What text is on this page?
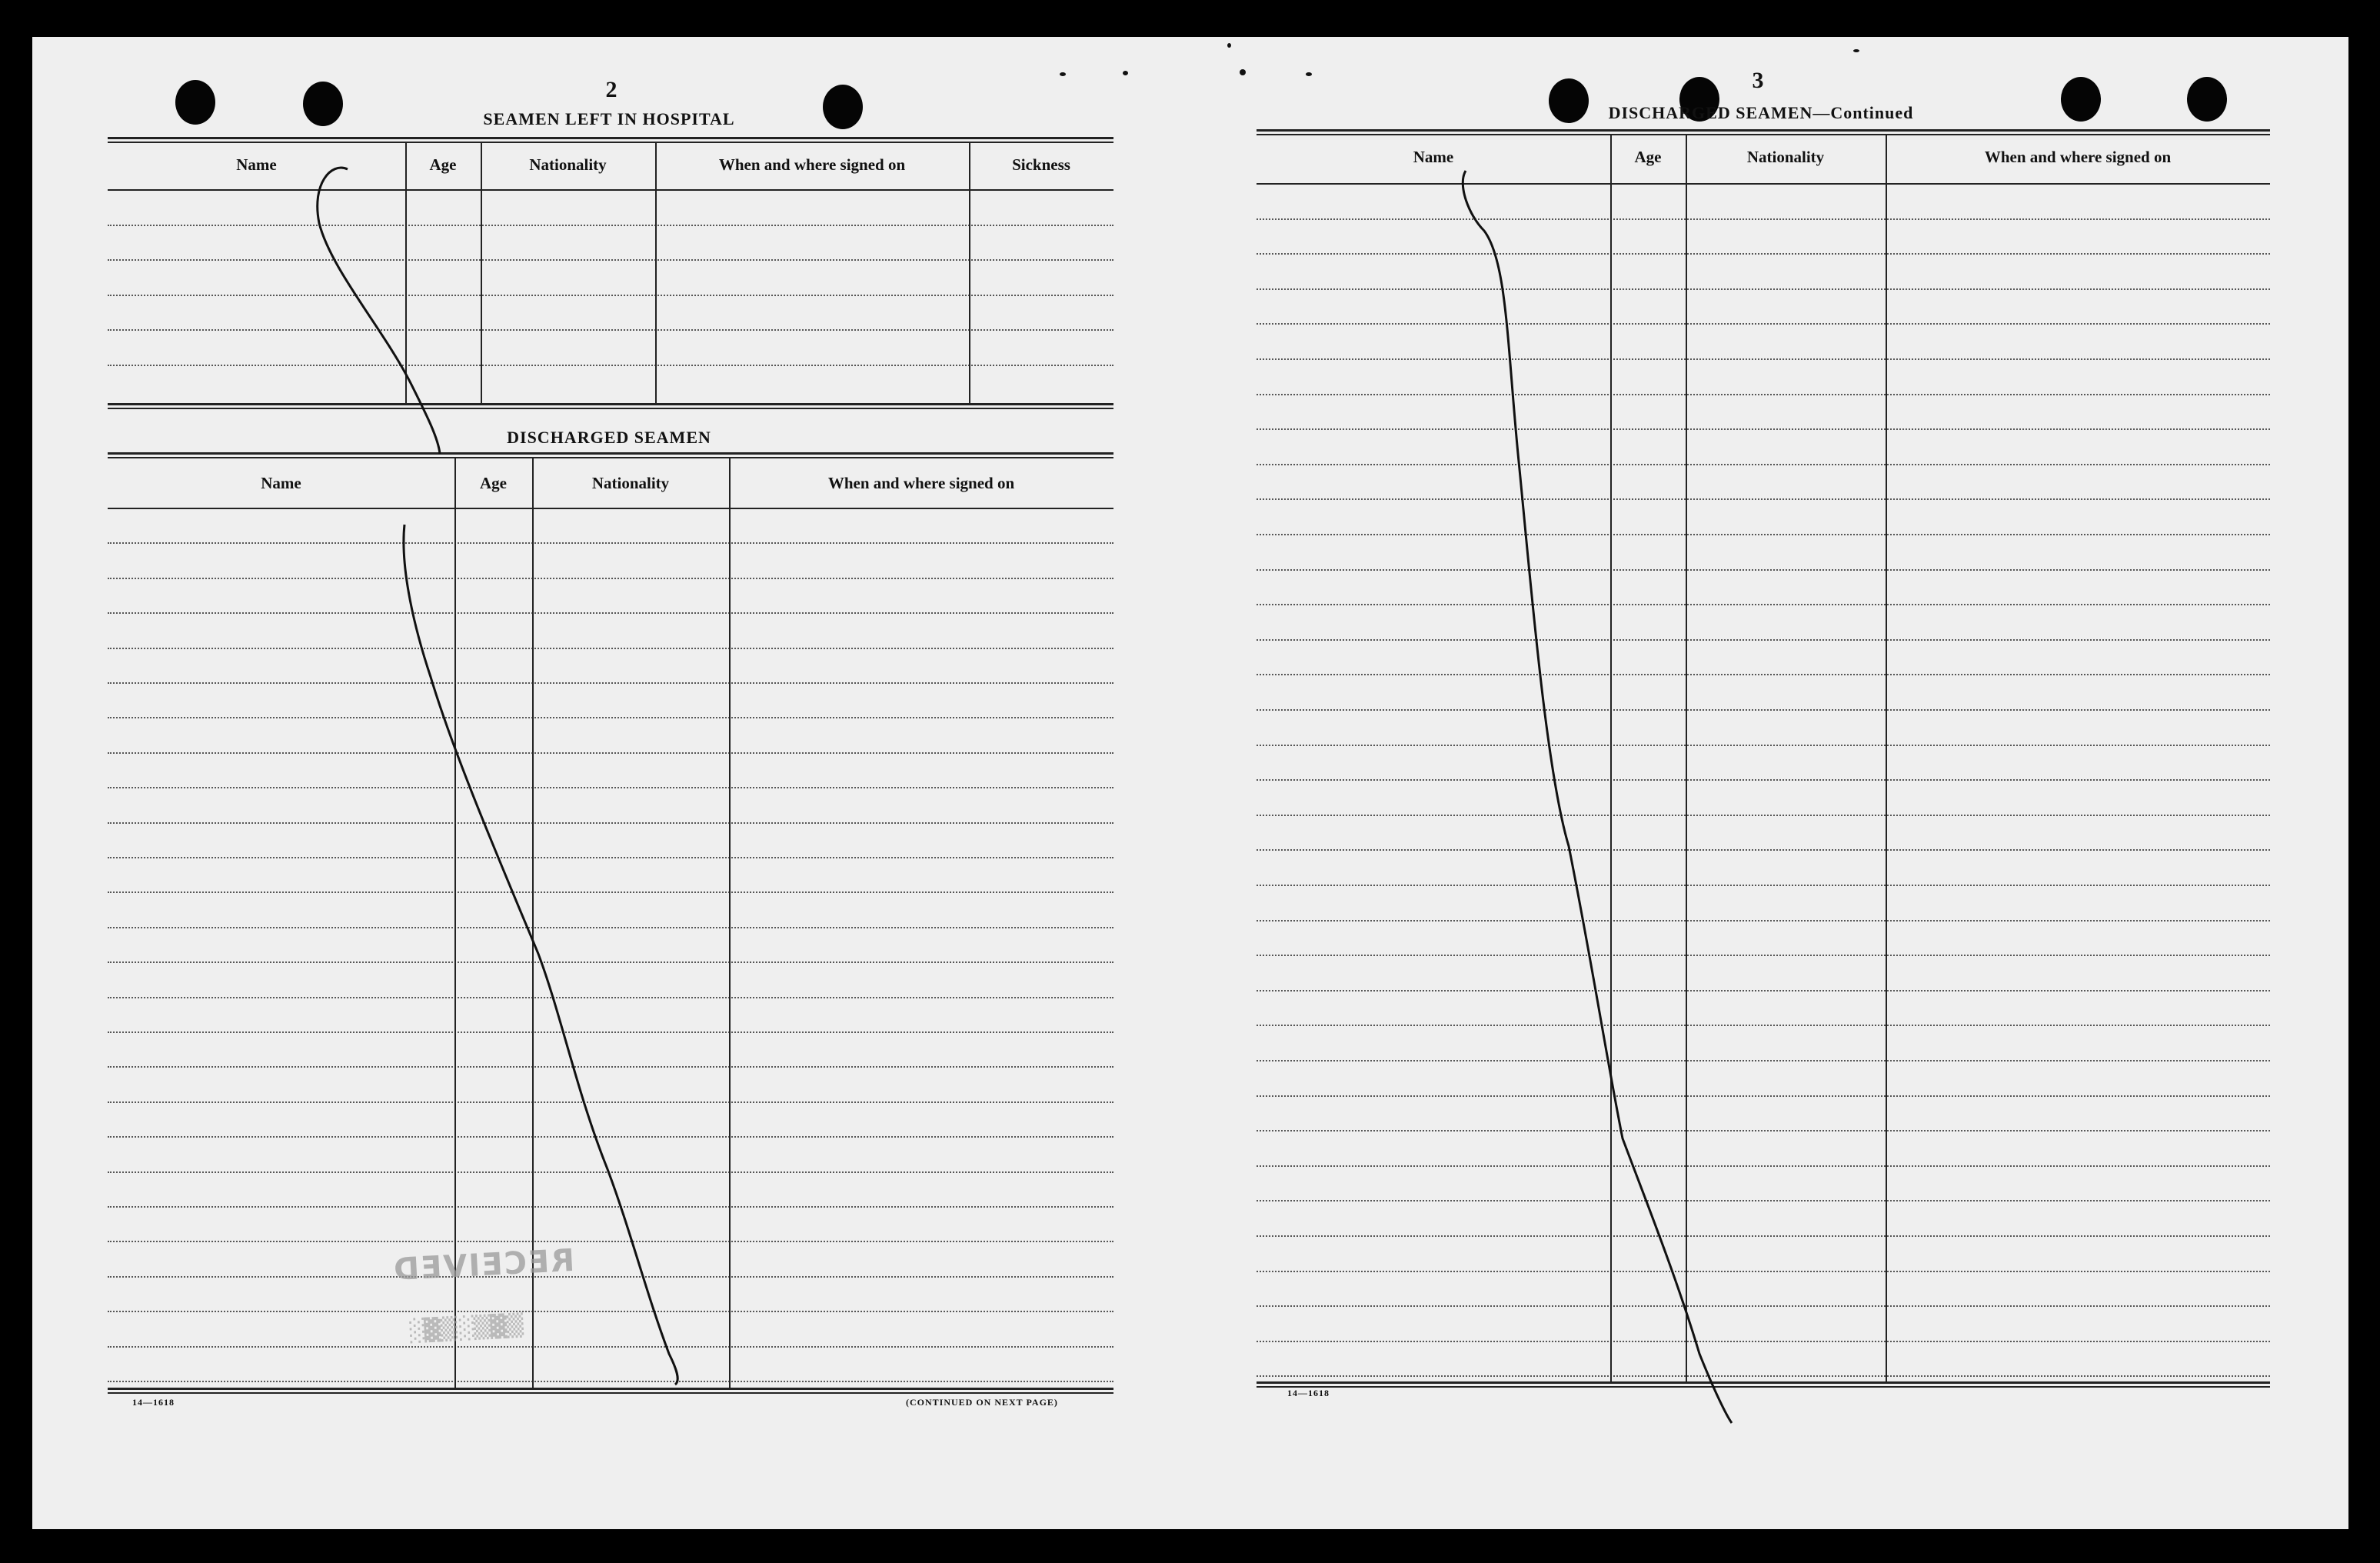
2
SEAMEN LEFT IN HOSPITAL
Name	Age	Nationality	When and where signed on	Sickness
DISCHARGED SEAMEN
Name	Age	Nationality	When and where signed on
14—1618	(CONTINUED ON NEXT PAGE)
RECEIVED
▒▓▒░▒▓░
3
DISCHARGED SEAMEN—Continued
Name	Age	Nationality	When and where signed on
14—1618
